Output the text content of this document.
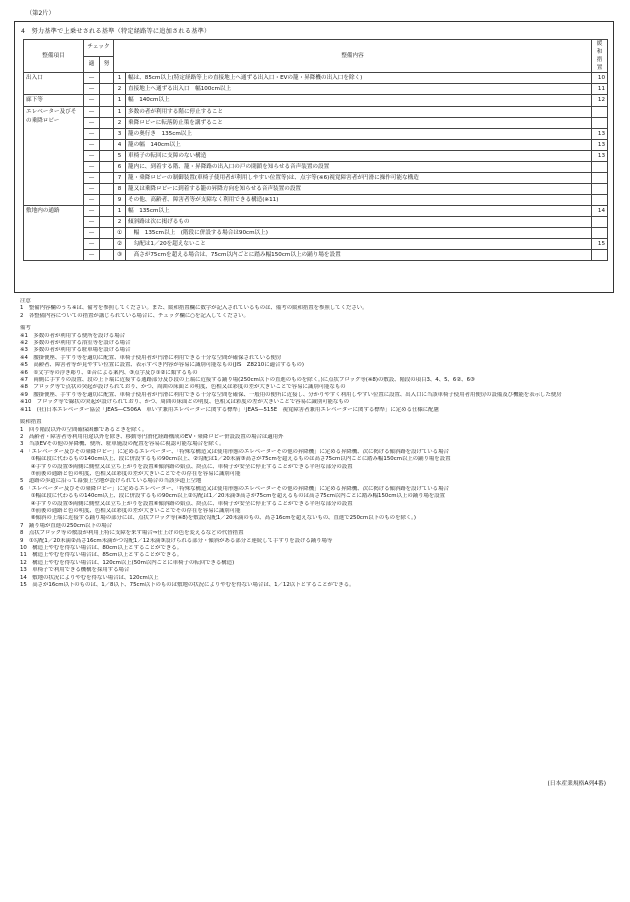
（第2片）
4　努力基準で上乗せされる基準（特定経路等に追加される基準）
整備項目	チェック		整備内容		緩和措置
	適	努			
出入口	—		1	幅は、85cm以上(特定経路等上の直接地上へ通ずる出入口・EVの籠・昇降機の出入口を除く)	10
	—		2	直接地上へ通ずる出入口　幅100cm以上	11
廊下等	—		1	幅　140cm以上	12
エレベーター及びその乗降ロビー	—		1	多数の者が利用する階に停止すること	
	—		2	乗降ロビーに転落防止策を講ずること	
	—		3	籠の奥行き　135cm以上	13
	—		4	籠の幅　140cm以上	13
	—		5	車椅子の転回に支障のない構造	13
	—		6	籠内に、到着する階、籠・昇降路の出入口の戸の閉鎖を知らせる音声装置の設置	
	—		7	籠・乗降ロビーの制御装置(車椅子使用者が利用しやすい位置等)は、点字等(※6)視覚障害者が円滑に操作可能な構造	
	—		8	籠又は乗降ロビーに到着する籠の昇降方向を知らせる音声装置の設置	
	—		9	その他、高齢者、障害者等が支障なく利用できる構造(※11)	
敷地内の通路	—		1	幅　135cm以上	14
	—		2	傾斜路は次に掲げるもの	
	—		①	　幅　135cm以上　(階段に併設する場合は90cm以上)	
	—		②	　勾配は1／20を超えないこと	15
	—		③	　高さが75cmを超える場合は、75cm以内ごとに踏み幅150cm以上の踊り場を設置	
注意
1　整備内容欄のうち※は、備考を参照してください。また、緩和措置欄に数字が記入されているものは、備考の緩和措置を参照してください。
2　各整備内容についての措置が講じられている場合に、チェック欄に○を記入してください。
備考
※1　多数の者が利用する便所を設ける場合
※2　多数の者が利用する浴室等を設ける場合
※3　多数の者が利用する駐車場を設ける場合
※4　腰掛便座、手すり等を適切に配置、車椅子使用者が円滑に利用できる十分な空間が確保されている便房
※5　高齢者、障害者等が見やすい位置に設置、表示すべき内容が容易に識別可能なもの(JIS　Z8210に適合するもの)
※6　①文字等の浮き彫り、②音による案内、③点字及び①②に類するもの
※7　両側に手すりの設置、段の上下端に近接する通路部分及び段の上端に近接する踊り場(250cm以下の直進のものを除く。)に点状ブロック等(※8)の敷設、階段の項目3、4、5、6②、6③
※8　ブロック等で点状の突起が設けられており、かつ、周囲の床面との明度、色相又は彩度の差が大きいことで容易に識別可能なもの
※9　腰掛便座、手すり等を適切に配置、車椅子使用者が円滑に利用できる十分な空間を確保、一般用の便所に近接し、分かりやすく利用しやすい位置に設置、出入口に当該車椅子使用者用便房の設備及び機能を表示した便房
※10　ブロック等で線状の突起が設けられており、かつ、周囲の床面との明度、色相又は彩度の差が大きいことで容易に識別可能なもの
※11　(社)日本エレベーター協会「JEAS—C506A　車いす兼用エレベーターに関する標準」「JEAS—515E　視覚障害者兼用エレベーターに関する標準」に定める仕様に配慮
緩和措置
1　回り階段以外の空間確保困難であるときを除く。
2　高齢者・障害者等利用用途以外を除き、移動等円滑化経路構成のEV・乗降ロビー併設設置の場合は適用外
3　当該EVその他の昇降機、便所、駐車施設の配置を容易に視認可能な場合を除く。
4　「エレベーター及びその乗降ロビー」に定めるエレベーター、「特殊な構造又は使用形態のエレベーターその他の昇降機」に定める昇降機、次に掲げる傾斜路を設けている場合
　　①幅は段に代わるもの140cm以上、段に併設するもの90cm以上、②勾配は1／20未満③高さが75cmを超えるものは高さ75cm以内ごとに踏み幅150cm以上の踊り場を設置
　　④手すりの設置⑤両側に側壁又は立ち上がりを設置⑥傾斜路の始点、終点に、車椅子が安全に停止することができる平坦な部分の設置
　　⑦前後の通路と色の明度、色相又は彩度の差が大きいことでその存在を容易に識別可能
5　道路の歩道に沿って幕張上空地が設けられている場合の当該歩道上空地
6　「エレベーター及びその乗降ロビー」に定めるエレベーター、「特殊な構造又は使用形態のエレベーターその他の昇降機」に定める昇降機、次に掲げる傾斜路を設けている場合
　　①幅は段に代わるもの140cm以上、段に併設するもの90cm以上②勾配は1／20未満③高さが75cmを超えるものは高さ75cm以内ごとに踏み幅150cm以上の踊り場を設置
　　④手すりの設置⑤両側に側壁又は立ち上がりを設置⑥傾斜路の始点、終点に、車椅子が安全に停止することができる平坦な部分の設置
　　⑦前後の通路と色の明度、色相又は彩度の差が大きいことでその存在を容易に識別可能
　　⑧傾斜の上端に近接する踊り場の部分には、点状ブロック等(※8)を敷設(勾配1／20未満のもの、高さ16cmを超えないもの、直進で250cm以下のものを除く。)
7　踊り場が直進の250cm以下の場合
8　点状ブロック等の敷設が利用上特に支障を来す場合⇒仕上げの色を変えるなどの代替措置
9　①勾配1／20未満②高さ16cm未満かつ勾配1／12未満③設けられる部分・傾斜がある部分と連続して手すりを設ける踊り場等
10　構造上やむを得ない場合は、80cm以上とすることができる。
11　構造上やむを得ない場合は、85cm以上とすることができる。
12　構造上やむを得ない場合は、120cm以上(50m以内ごとに車椅子の転回できる構造)
13　車椅子で利用できる機構を採用する場合
14　敷地の状況によりやむを得ない場合は、120cm以上
15　高さが16cm以下のものは、1／8以下、75cm以下のものは敷地の状況によりやむを得ない場合は、1／12以下とすることができる。
(日本産業規格A列4番)
